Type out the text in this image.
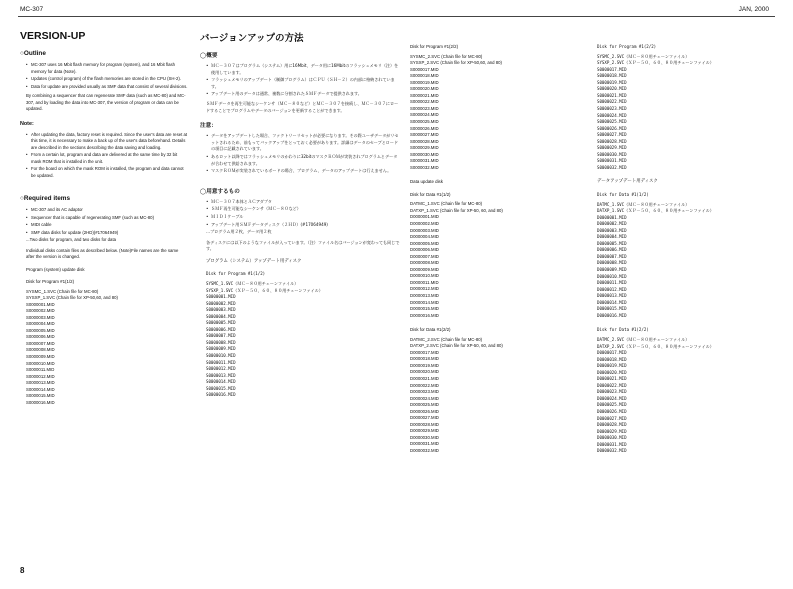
MC-307	JAN, 2000
VERSION-UP
○Outline
• MC-307 uses 16 Mbit flash memory for program (system), and 16 Mbit flash memory for data (Note).
• Updates (control program) of the flash memories are stored in the CPU (SH-2).
• Data for update are provided usually as SMF data that consist of several divisions.
By combining a sequencer that can regenerate SMF data (such as MC-80) and MC-307, and by loading the data into MC-307, the version of program or data can be updated.
Note:
• After updating the data, factory reset is required. Since the user's data are reset at this time, it is necessary to make a back up of the user's data beforehand. Details are described in the sections describing the data saving and loading.
• From a certain lot, program and data are delivered at the same time by 32 bit mask ROM that is installed in the unit.
• For the board on which the mask ROM is installed, the program and data cannot be updated.
○Required items
• MC-307 and its AC adaptor
• Sequencer that is capable of regenerating SMF (such as MC-80)
• MIDI cable
• SMF data disks for update (2HD)(#17064949)
...Two disks for program, and two disks for data
Individual disks contain files as described below. (Note)File names are the same after the version is changed.
Program (system) update disk
Disk for Program #1(1/2)
SYSMC_1.SVC (Chain file for MC-80)
SYSXP_1.SVC (Chain file for XP-50,60, and 80)
S0000001.MID
S0000002.MID
S0000003.MID
S0000004.MID
S0000005.MID
S0000006.MID
S0000007.MID
S0000008.MID
S0000009.MID
S0000010.MID
S0000011.MID
S0000012.MID
S0000013.MID
S0000014.MID
S0000015.MID
S0000016.MID
バージョンアップの方法
◯概要
• ＭＣ－３０７はプログラム（システム）用に16Mbit、データ用に16Mbitのフラッシュメモリ（注）を使用しています。
• フラッシュメモリのアップデート（制御プログラム）はＣＰＵ（ＳＨ－２）の内部に格納されています。
• アップデート用のデータは通常、複数に分割されたＳＭＦデータで提供されます。
ＳＭＦデータを再生可能なシーケンサ（ＭＣ－８０など）とＭＣ－３０７を接続し、ＭＣ－３０７にロードすることでプログラムやデータのバージョンを更新することができます。
注意：
• データをアップデートした場合、ファクトリーリセットが必要になります。その際ユーザデータがリセットされるため、前もってバックアップをとっておく必要があります。詳細はデータのセーブとロードの項目に記載されています。
• あるロット以降ではフラッシュメモリのかわりに32bitのマスクＲＯＭが実装されプログラムとデータが合わせて供給されます。
• マスクＲＯＭが実装されているボードの場合、プログラム、データのアップデートは行えません。
◯用意するもの
• ＭＣ－３０７本体とＡＣアダプタ
• ＳＭＦ再生可能なシーケンサ（ＭＣ－８０など）
• ＭＩＤＩケーブル
• アップデート用ＳＭＦデータディスク（２ＨＤ）(#17064949)
…プログラム用２枚、データ用２枚
各ディスクには以下のようなファイルが入っています。（注）ファイル名はバージョンが変わっても同じです。
プログラム（システム）アップデート用ディスク
Disk for Program #1(1/2)
SYSMC_1.SVC（ＭＣ－８０用チェーンファイル）
SYSXP_1.SVC（ＸＰ－５０、６０、８０用チェーンファイル）
S0000001.MID
S0000002.MID
S0000003.MID
S0000004.MID
S0000005.MID
S0000006.MID
S0000007.MID
S0000008.MID
S0000009.MID
S0000010.MID
S0000011.MID
S0000012.MID
S0000013.MID
S0000014.MID
S0000015.MID
S0000016.MID
Disk for Program #1(2/2)
SYSMC_2.SVC (Chain file for MC-80)
SYSXP_2.SVC (Chain file for XP-50,60, and 80)
S0000017.MID
S0000018.MID
S0000019.MID
S0000020.MID
S0000021.MID
S0000022.MID
S0000023.MID
S0000024.MID
S0000025.MID
S0000026.MID
S0000027.MID
S0000028.MID
S0000029.MID
S0000030.MID
S0000031.MID
S0000032.MID
Data update disk
Disk for Data #1(1/2)
DATMC_1.SVC (Chain file for MC-80)
DATXP_1.SVC (Chain file for XP-50, 60, and 80)
D0000001.MID
D0000002.MID
D0000003.MID
D0000004.MID
D0000005.MID
D0000006.MID
D0000007.MID
D0000008.MID
D0000009.MID
D0000010.MID
D0000011.MID
D0000012.MID
D0000013.MID
D0000014.MID
D0000015.MID
D0000016.MID
Disk for Data #1(2/2)
DATMC_2.SVC (Chain file for MC-80)
DATXP_2.SVC (Chain file for XP-50, 60, and 80)
D0000017.MID
D0000018.MID
D0000019.MID
D0000020.MID
D0000021.MID
D0000022.MID
D0000023.MID
D0000024.MID
D0000025.MID
D0000026.MID
D0000027.MID
D0000028.MID
D0000029.MID
D0000030.MID
D0000031.MID
D0000032.MID
Disk for Program #1(2/2)
SYSMC_2.SVC（ＭＣ－８０用チェーンファイル）
SYSXP_2.SVC（ＸＰ－５０、６０、８０用チェーンファイル）
S0000017.MID
S0000018.MID
S0000019.MID
S0000020.MID
S0000021.MID
S0000022.MID
S0000023.MID
S0000024.MID
S0000025.MID
S0000026.MID
S0000027.MID
S0000028.MID
S0000029.MID
S0000030.MID
S0000031.MID
S0000032.MID
データアップデート用ディスク
Disk for Data #1(1/2)
DATMC_1.SVC（ＭＣ－８０用チェーンファイル）
DATXP_1.SVC（ＸＰ－５０、６０、８０用チェーンファイル）
D0000001.MID
D0000002.MID
D0000003.MID
D0000004.MID
D0000005.MID
D0000006.MID
D0000007.MID
D0000008.MID
D0000009.MID
D0000010.MID
D0000011.MID
D0000012.MID
D0000013.MID
D0000014.MID
D0000015.MID
D0000016.MID
Disk for Data #1(2/2)
DATMC_2.SVC（ＭＣ－８０用チェーンファイル）
DATXP_2.SVC（ＸＰ－５０、６０、８０用チェーンファイル）
D0000017.MID
D0000018.MID
D0000019.MID
D0000020.MID
D0000021.MID
D0000022.MID
D0000023.MID
D0000024.MID
D0000025.MID
D0000026.MID
D0000027.MID
D0000028.MID
D0000029.MID
D0000030.MID
D0000031.MID
D0000032.MID
8
